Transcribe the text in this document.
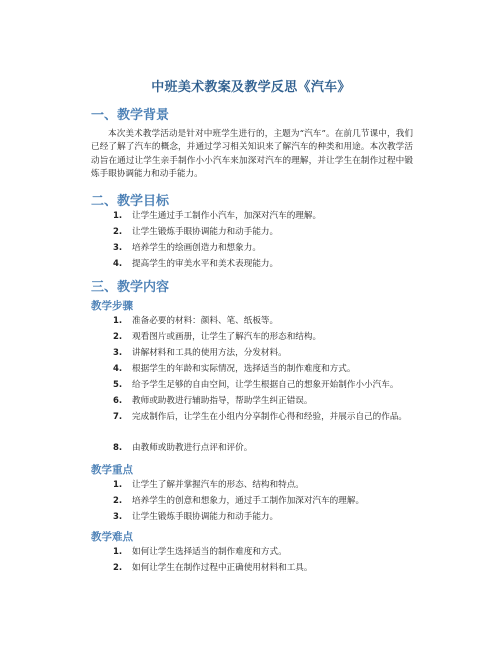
中班美术教案及教学反思《汽车》
一、教学背景
本次美术教学活动是针对中班学生进行的，主题为“汽车”。在前几节课中，我们已经了解了汽车的概念，并通过学习相关知识来了解汽车的种类和用途。本次教学活动旨在通过让学生亲手制作小小汽车来加深对汽车的理解，并让学生在制作过程中锻炼手眼协调能力和动手能力。
二、教学目标
1. 让学生通过手工制作小汽车，加深对汽车的理解。
2. 让学生锻炼手眼协调能力和动手能力。
3. 培养学生的绘画创造力和想象力。
4. 提高学生的审美水平和美术表现能力。
三、教学内容
教学步骤
1. 准备必要的材料：颜料、笔、纸板等。
2. 观看图片或画册，让学生了解汽车的形态和结构。
3. 讲解材料和工具的使用方法，分发材料。
4. 根据学生的年龄和实际情况，选择适当的制作难度和方式。
5. 给予学生足够的自由空间，让学生根据自己的想象开始制作小小汽车。
6. 教师或助教进行辅助指导，帮助学生纠正错误。
7.	完成制作后，让学生在小组内分享制作心得和经验，并展示自己的作品。
8. 由教师或助教进行点评和评价。
教学重点
1. 让学生了解并掌握汽车的形态、结构和特点。
2. 培养学生的创意和想象力，通过手工制作加深对汽车的理解。
3. 让学生锻炼手眼协调能力和动手能力。
教学难点
1. 如何让学生选择适当的制作难度和方式。
2. 如何让学生在制作过程中正确使用材料和工具。
